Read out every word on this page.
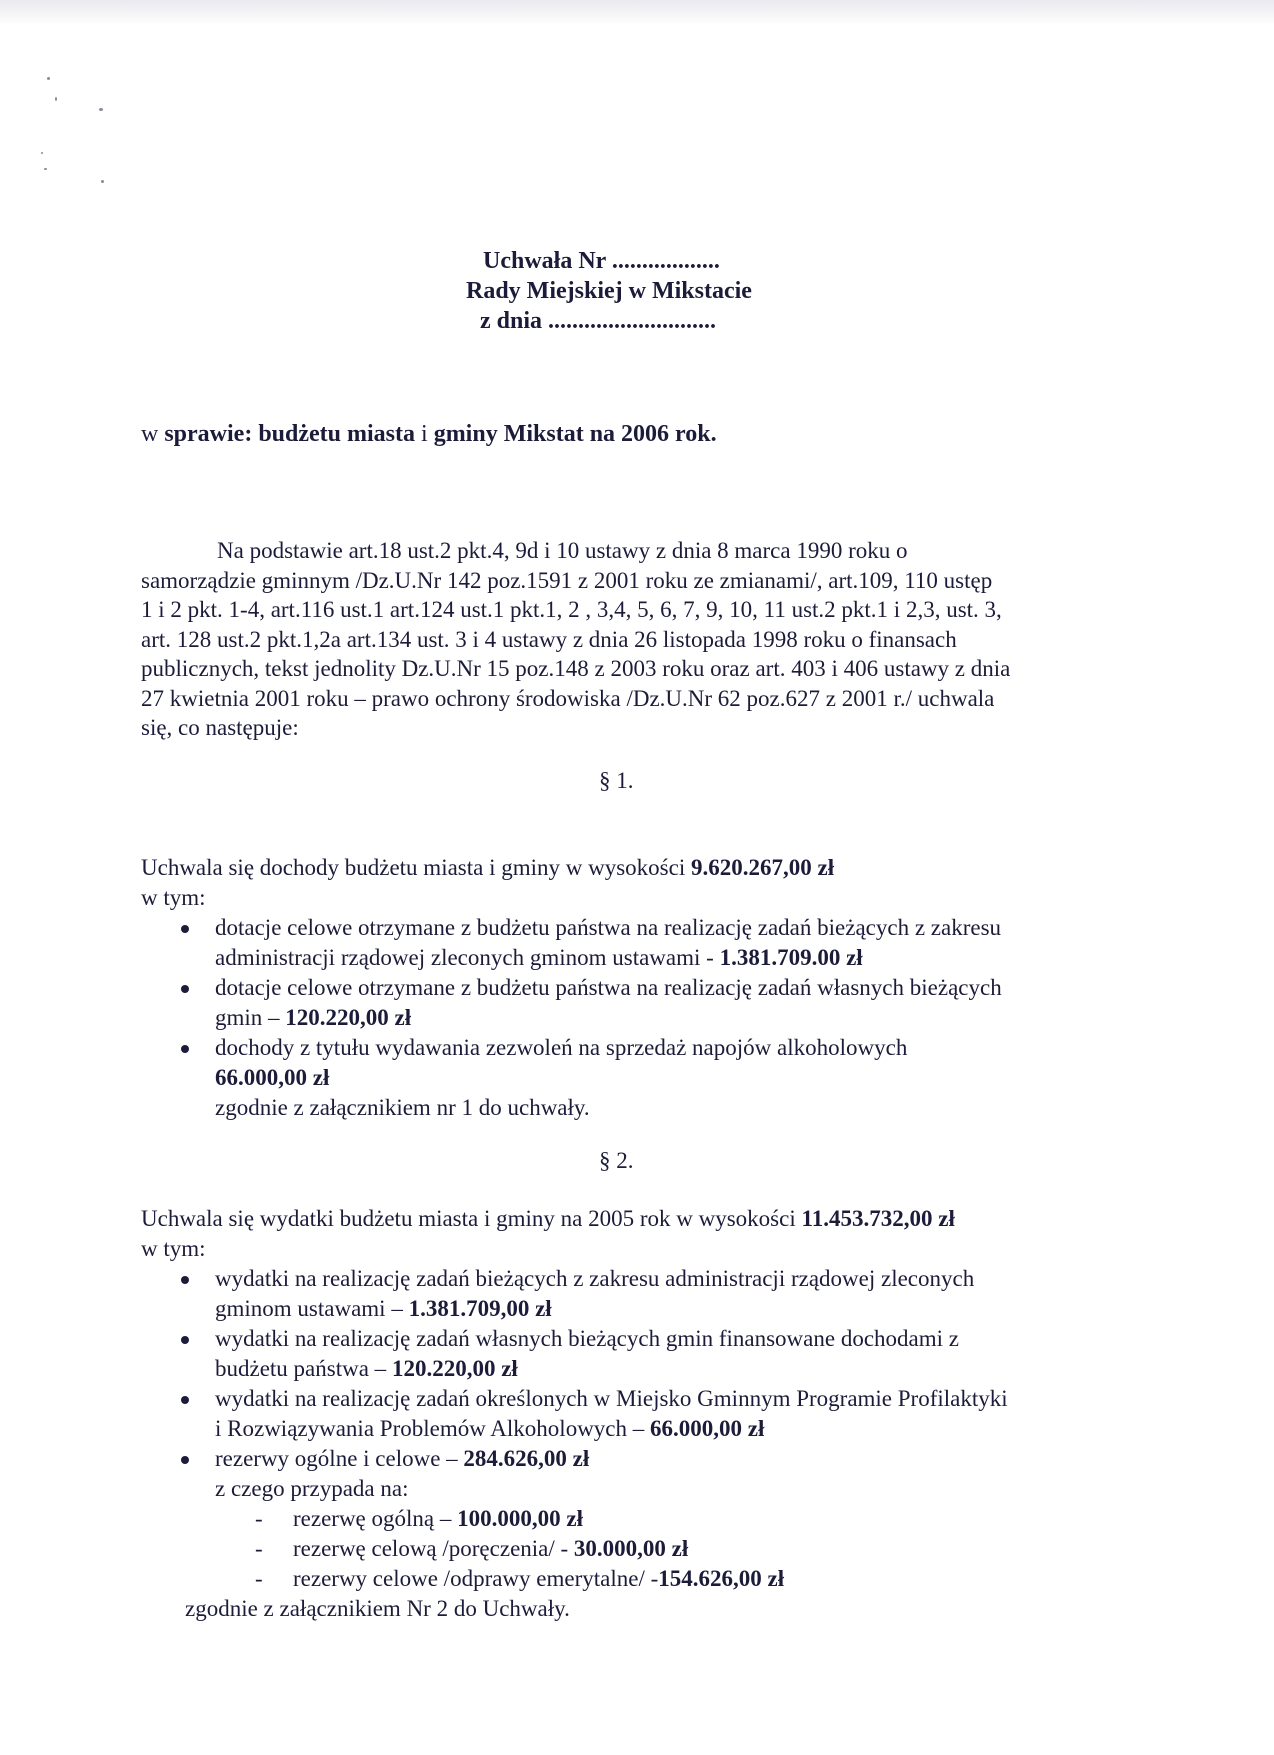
Uchwała Nr ..................
Rady Miejskiej w Mikstacie
z dnia ............................
w sprawie: budżetu miasta i gminy Mikstat na 2006 rok.
Na podstawie art.18 ust.2 pkt.4, 9d i 10 ustawy z dnia 8 marca 1990 roku o
samorządzie gminnym /Dz.U.Nr 142 poz.1591 z 2001 roku ze zmianami/, art.109, 110 ustęp
1 i 2 pkt. 1-4, art.116 ust.1 art.124 ust.1 pkt.1, 2 , 3,4, 5, 6, 7, 9, 10, 11 ust.2 pkt.1 i 2,3, ust. 3,
art. 128 ust.2 pkt.1,2a art.134 ust. 3 i 4 ustawy z dnia 26 listopada 1998 roku o finansach
publicznych, tekst jednolity Dz.U.Nr 15 poz.148 z 2003 roku oraz art. 403 i 406 ustawy z dnia
27 kwietnia 2001 roku – prawo ochrony środowiska /Dz.U.Nr 62 poz.627 z 2001 r./ uchwala
się, co następuje:
§ 1.
Uchwala się dochody budżetu miasta i gminy w wysokości 9.620.267,00 zł
w tym:
dotacje celowe otrzymane z budżetu państwa na realizację zadań bieżących z zakresu
administracji rządowej zleconych gminom ustawami - 1.381.709.00 zł
dotacje celowe otrzymane z budżetu państwa na realizację zadań własnych bieżących
gmin – 120.220,00 zł
dochody z tytułu wydawania zezwoleń na sprzedaż napojów alkoholowych
66.000,00 zł
zgodnie z załącznikiem nr 1 do uchwały.
§ 2.
Uchwala się wydatki budżetu miasta i gminy na 2005 rok w wysokości 11.453.732,00 zł
w tym:
wydatki na realizację zadań bieżących z zakresu administracji rządowej zleconych
gminom ustawami – 1.381.709,00 zł
wydatki na realizację zadań własnych bieżących gmin finansowane dochodami z
budżetu państwa – 120.220,00 zł
wydatki na realizację zadań określonych w Miejsko Gminnym Programie Profilaktyki
i Rozwiązywania Problemów Alkoholowych – 66.000,00 zł
rezerwy ogólne i celowe – 284.626,00 zł
z czego przypada na:
- rezerwę ogólną – 100.000,00 zł
- rezerwę celową /poręczenia/ - 30.000,00 zł
- rezerwy celowe /odprawy emerytalne/ -154.626,00 zł
zgodnie z załącznikiem Nr 2 do Uchwały.
